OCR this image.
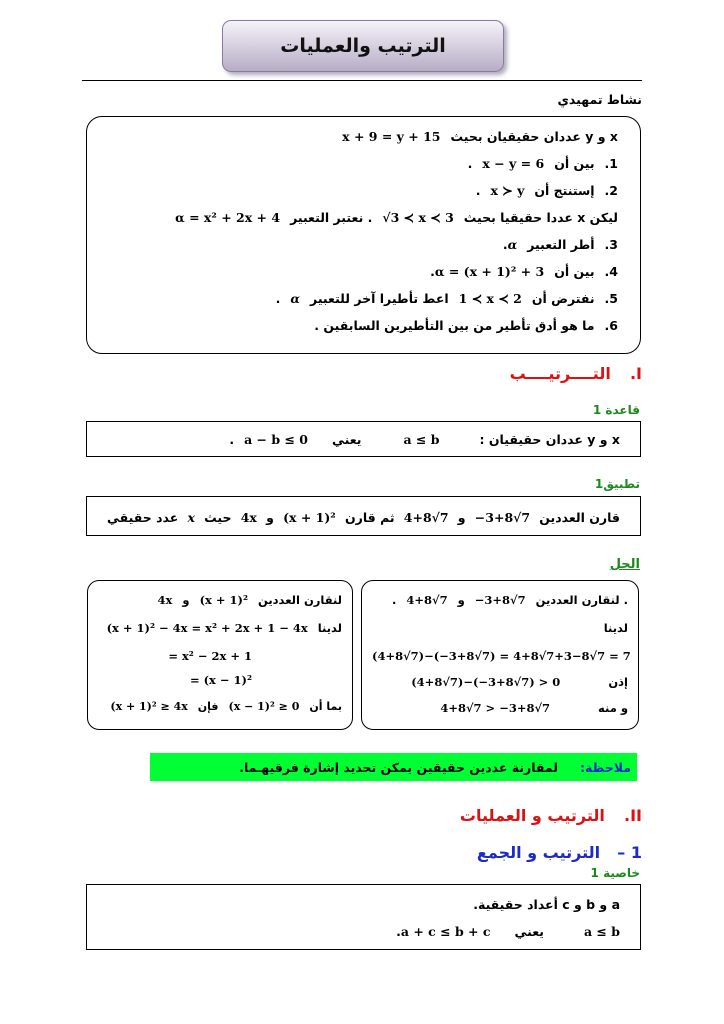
الترتيب والعمليات
نشاط تمهيدي
x و y عددان حقيقيان بحيث
x + 9 = y + 15
1.
بين أن
x − y = 6
.
2.
إستنتج أن
x ≻ y
.
ليكن x عددا حقيقيا بحيث
√3 ≺ x ≺ 3
. نعتبر التعبير
α = x² + 2x + 4
3.
أطر التعبير
α
.
4.
بين أن
α = (x + 1)² + 3
.
5.
نفترض أن
1 ≺ x ≺ 2
اعط تأطيرا آخر للتعبير
α
.
6.
ما هو أدق تأطير من بين التأطيرين السابقين .
I.  التــــرتيــــب
قاعدة 1
x و y عددان حقيقيان :
a ≤ b
يعني
a − b ≤ 0
.
تطبيق1
قارن العددين
−3+8√7
و
4+8√7
ثم قارن
(x + 1)²
و
4x
حيث
x
عدد حقيقي
الحل
. لنقارن العددين
−3+8√7
و
4+8√7
.
لدينا
(4+8√7)−(−3+8√7) = 4+8√7+3−8√7 = 7
إذن
(4+8√7)−(−3+8√7) > 0
و منه
4+8√7 > −3+8√7
لنقارن العددين
(x + 1)²
و
4x
لدينا
(x + 1)² − 4x = x² + 2x + 1 − 4x
= x² − 2x + 1
= (x − 1)²
بما أن
(x − 1)² ≥ 0
فإن
(x + 1)² ≥ 4x
ملاحظة:
لمقارنة عددين حقيقين يمكن تحديد إشارة فرقيهـما.
II.  الترتيب و العمليات
1 –  الترتيب و الجمع
خاصية 1
a و b و c أعداد حقيقية.
a ≤ b
يعني
a + c ≤ b + c
.
